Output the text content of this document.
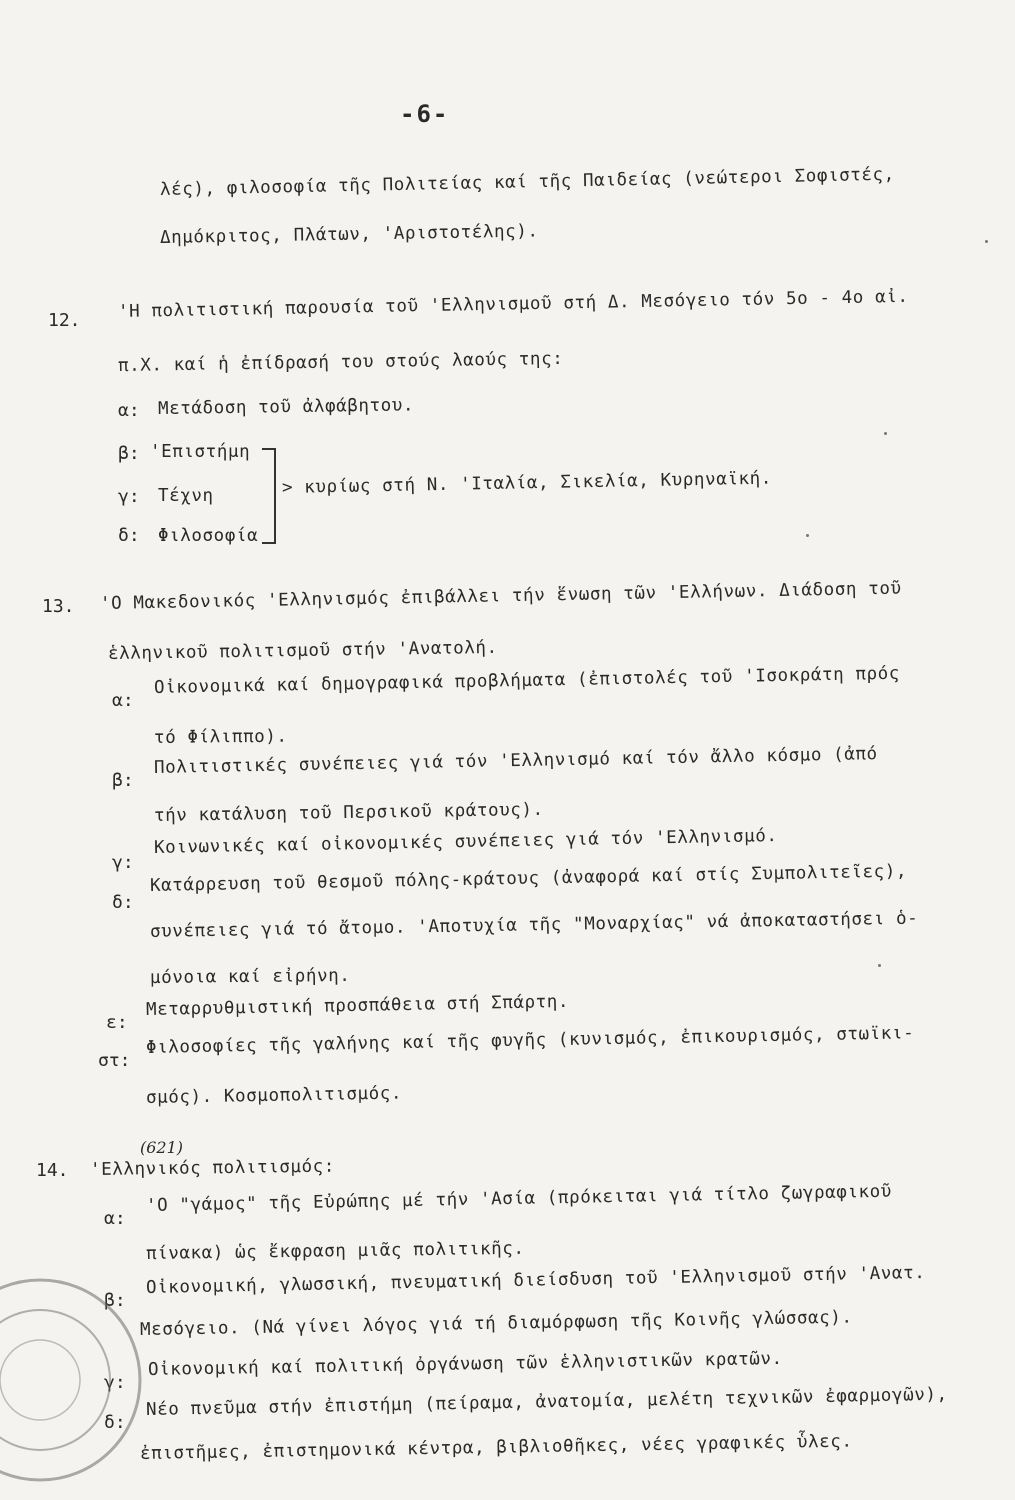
-6-
λές), φιλοσοφία τῆς Πολιτείας καί τῆς Παιδείας (νεώτεροι Σοφιστές,
Δημόκριτος, Πλάτων, 'Αριστοτέλης).
12. 'Η πολιτιστική παρουσία τοῦ 'Ελληνισμοῦ στή Δ. Μεσόγειο τόν 5ο - 4ο αἰ.
π.Χ. καί ἡ ἐπίδρασή του στούς λαούς της:
α: Μετάδοση τοῦ ἀλφάβητου.
β: 'Επιστήμη
γ: Τέχνη
δ: Φιλοσοφία
> κυρίως στή Ν. 'Ιταλία, Σικελία, Κυρηναϊκή.
13. 'Ο Μακεδονικός 'Ελληνισμός ἐπιβάλλει τήν ἕνωση τῶν 'Ελλήνων. Διάδοση τοῦ
ἑλληνικοῦ πολιτισμοῦ στήν 'Ανατολή.
α:
Οἰκονομικά καί δημογραφικά προβλήματα (ἐπιστολές τοῦ 'Ισοκράτη πρός
τό Φίλιππο).
β:
Πολιτιστικές συνέπειες γιά τόν 'Ελληνισμό καί τόν ἄλλο κόσμο (ἀπό
τήν κατάλυση τοῦ Περσικοῦ κράτους).
γ:
Κοινωνικές καί οἰκονομικές συνέπειες γιά τόν 'Ελληνισμό.
δ:
Κατάρρευση τοῦ θεσμοῦ πόλης-κράτους (ἀναφορά καί στίς Συμπολιτεῖες),
συνέπειες γιά τό ἄτομο. 'Αποτυχία τῆς "Μοναρχίας" νά ἀποκαταστήσει ὁ-
μόνοια καί εἰρήνη.
ε:
Μεταρρυθμιστική προσπάθεια στή Σπάρτη.
στ:
Φιλοσοφίες τῆς γαλήνης καί τῆς φυγῆς (κυνισμός, ἐπικουρισμός, στωϊκι-
σμός). Κοσμοπολιτισμός.
(621)
14. 'Ελληνικός πολιτισμός:
α:
'Ο "γάμος" τῆς Εὐρώπης μέ τήν 'Ασία (πρόκειται γιά τίτλο ζωγραφικοῦ
πίνακα) ὡς ἔκφραση μιᾶς πολιτικῆς.
β:
Οἰκονομική, γλωσσική, πνευματική διείσδυση τοῦ 'Ελληνισμοῦ στήν 'Ανατ.
Μεσόγειο. (Νά γίνει λόγος γιά τή διαμόρφωση τῆς Κοινῆς γλώσσας).
γ:
Οἰκονομική καί πολιτική ὀργάνωση τῶν ἑλληνιστικῶν κρατῶν.
δ:
Νέο πνεῦμα στήν ἐπιστήμη (πείραμα, ἀνατομία, μελέτη τεχνικῶν ἐφαρμογῶν),
ἐπιστῆμες, ἐπιστημονικά κέντρα, βιβλιοθῆκες, νέες γραφικές ὗλες.
